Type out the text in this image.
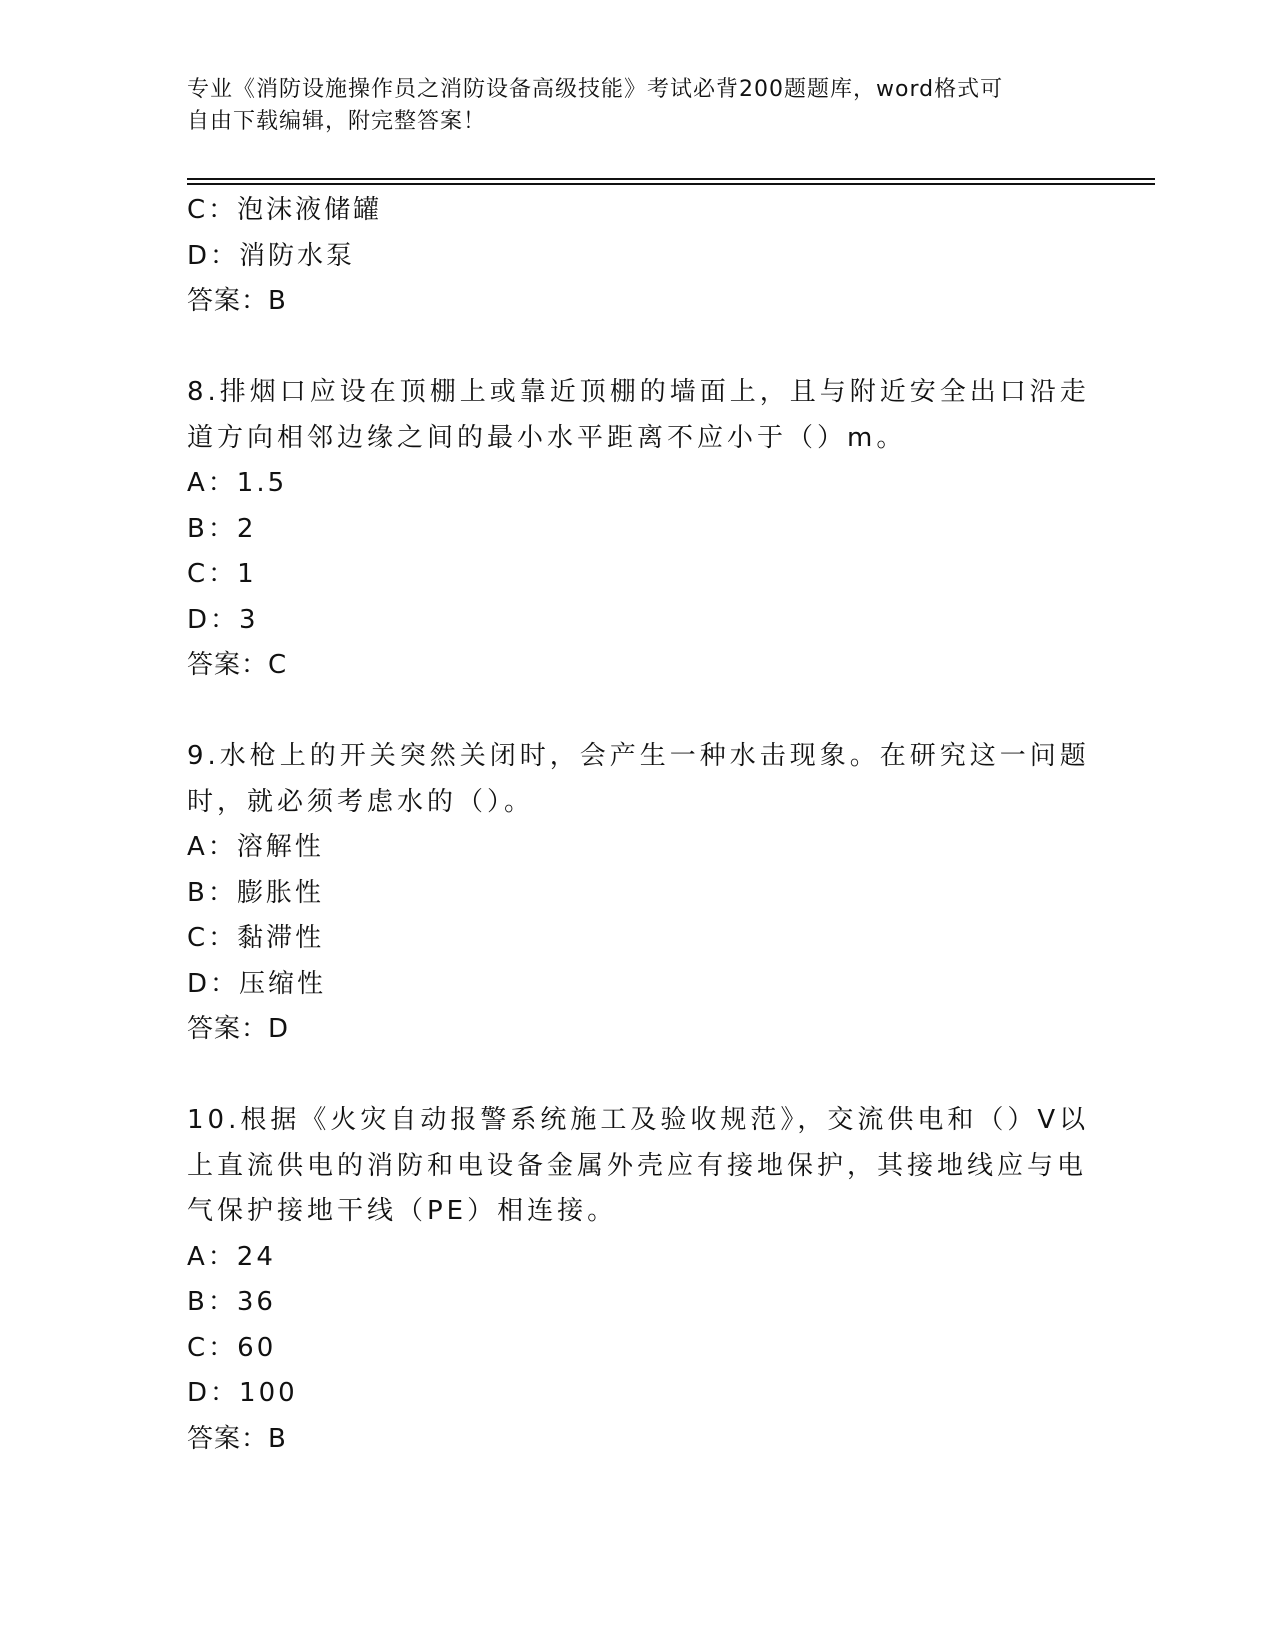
专业《消防设施操作员之消防设备高级技能》考试必背200题题库，word格式可
自由下载编辑，附完整答案！
C：泡沫液储罐
D：消防水泵
答案：B
8.排烟口应设在顶棚上或靠近顶棚的墙面上，且与附近安全出口沿走
道方向相邻边缘之间的最小水平距离不应小于（）m。
A：1.5
B：2
C：1
D：3
答案：C
9.水枪上的开关突然关闭时，会产生一种水击现象。在研究这一问题
时，就必须考虑水的（）。
A：溶解性
B：膨胀性
C：黏滞性
D：压缩性
答案：D
10.根据《火灾自动报警系统施工及验收规范》，交流供电和（）V以
上直流供电的消防和电设备金属外壳应有接地保护，其接地线应与电
气保护接地干线（PE）相连接。
A：24
B：36
C：60
D：100
答案：B
